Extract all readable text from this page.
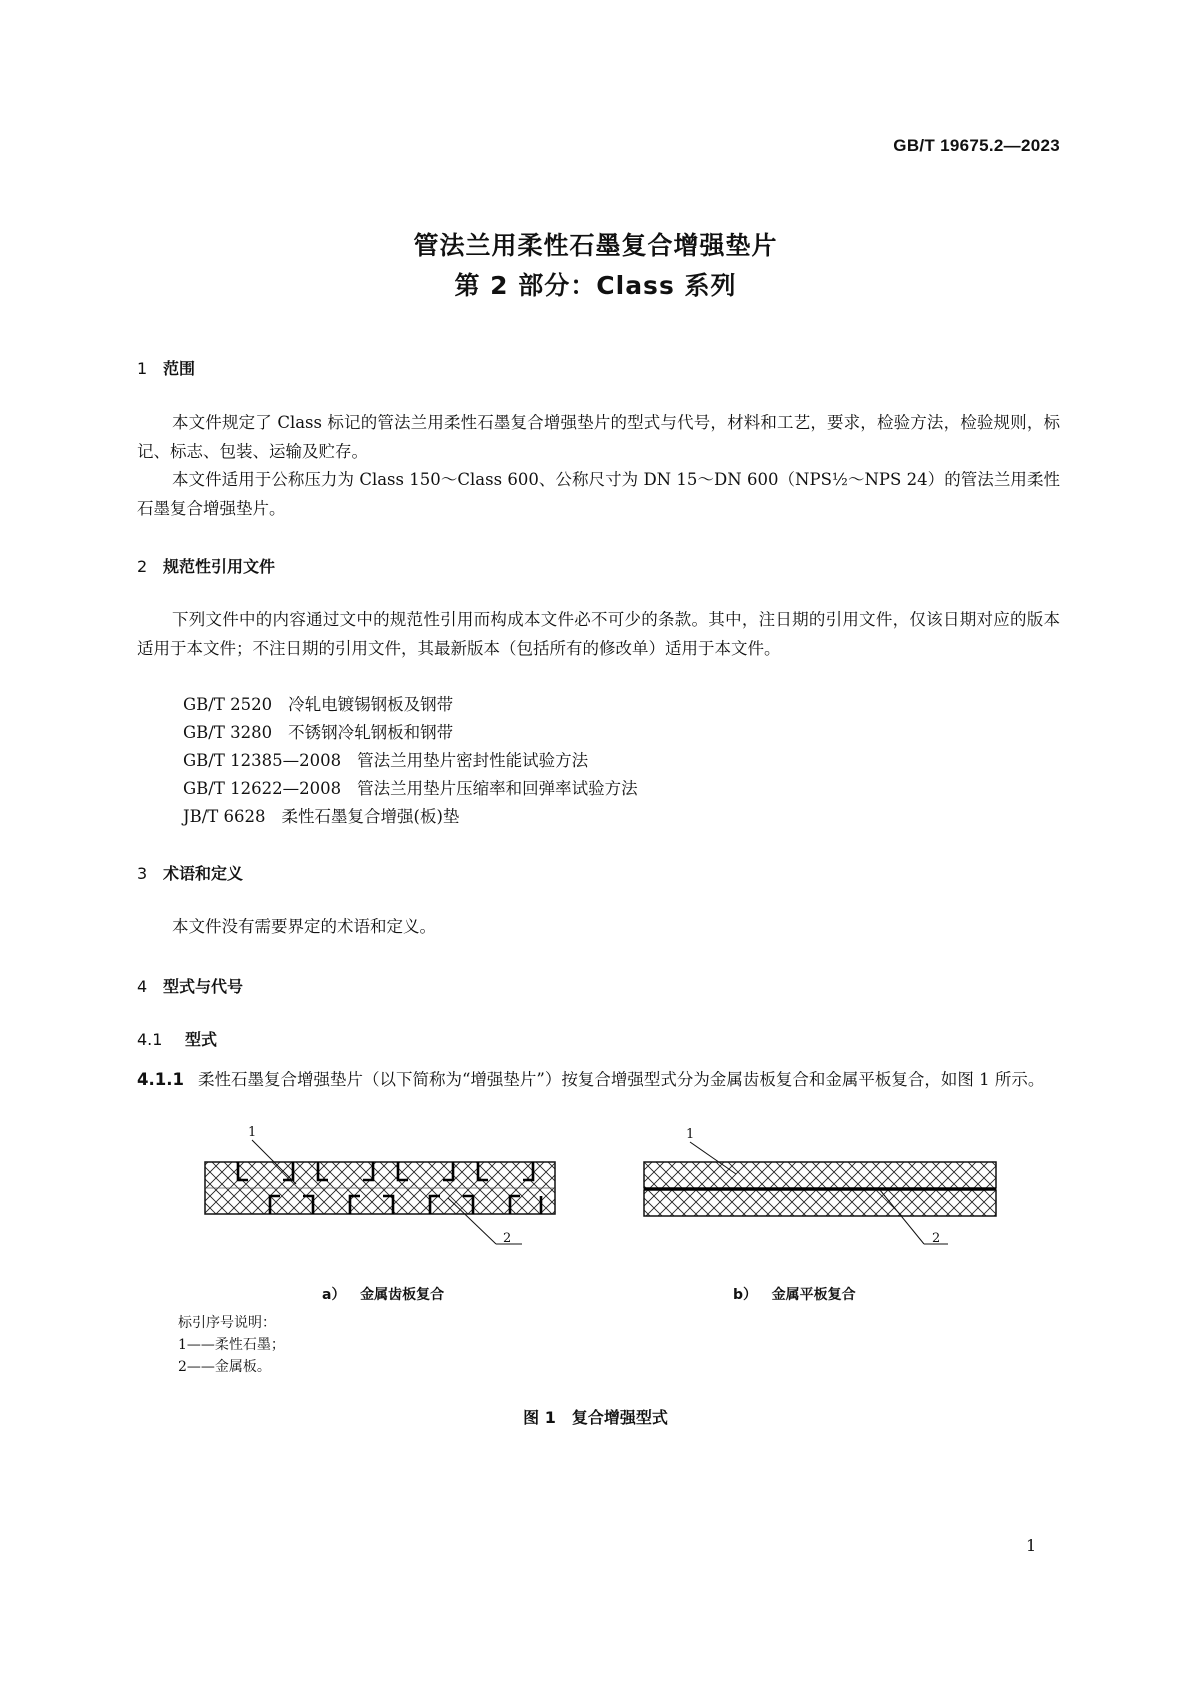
GB/T 19675.2—2023
管法兰用柔性石墨复合增强垫片
第 2 部分：Class 系列
1 范围
本文件规定了 Class 标记的管法兰用柔性石墨复合增强垫片的型式与代号，材料和工艺，要求，检验方法，检验规则，标记、标志、包装、运输及贮存。
本文件适用于公称压力为 Class 150～Class 600、公称尺寸为 DN 15～DN 600（NPS½～NPS 24）的管法兰用柔性石墨复合增强垫片。
2 规范性引用文件
下列文件中的内容通过文中的规范性引用而构成本文件必不可少的条款。其中，注日期的引用文件，仅该日期对应的版本适用于本文件；不注日期的引用文件，其最新版本（包括所有的修改单）适用于本文件。
GB/T 2520 冷轧电镀锡钢板及钢带
GB/T 3280 不锈钢冷轧钢板和钢带
GB/T 12385—2008 管法兰用垫片密封性能试验方法
GB/T 12622—2008 管法兰用垫片压缩率和回弹率试验方法
JB/T 6628 柔性石墨复合增强(板)垫
3 术语和定义
本文件没有需要界定的术语和定义。
4 型式与代号
4.1 型式
4.1.1 柔性石墨复合增强垫片（以下简称为“增强垫片”）按复合增强型式分为金属齿板复合和金属平板复合，如图 1 所示。
1
2
1
2
a） 金属齿板复合	b） 金属平板复合
标引序号说明：
1——柔性石墨；
2——金属板。
图 1　复合增强型式
1
